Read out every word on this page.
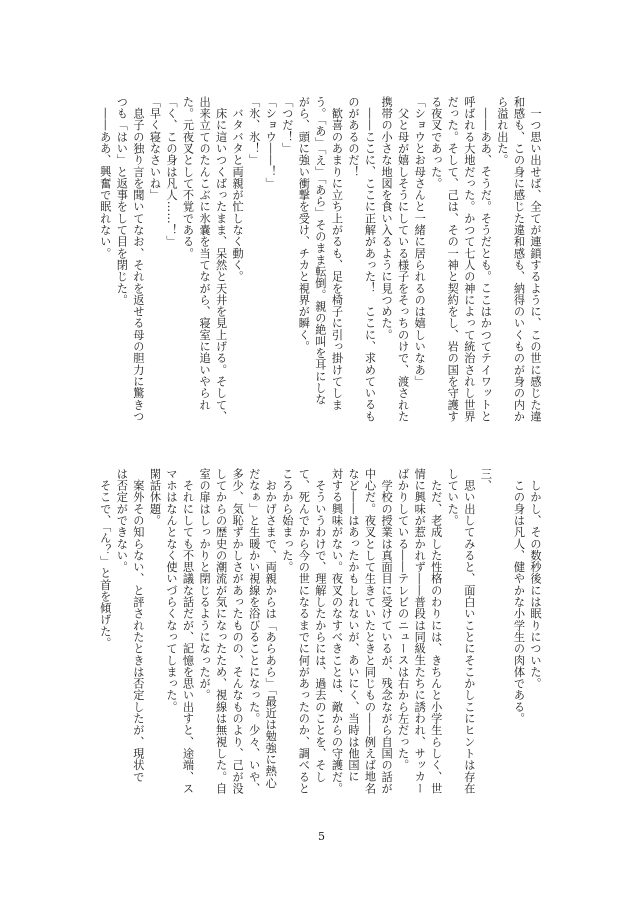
　一つ思い出せば、全てが連鎖するように、この世に感じた違
和感も、この身に感じた違和感も、納得のいくものが身の内か
ら溢れ出た。
　――ああ、そうだ。そうだとも。ここはかつてテイワットと
呼ばれる大地だった。かつて七人の神によって統治されし世界
だった。そして、己は、その一神と契約をし、岩の国を守護す
る夜叉であった。
「ショウとお母さんと一緒に居られるのは嬉しいなあ」
　父と母が嬉しそうにしている様子をそっちのけで、渡された
携帯の小さな地図を食い入るように見つめた。
　――ここに、ここに正解があった！　ここに、求めているも
のがあるのだ！
　歓喜のあまりに立ち上がるも、足を椅子に引っ掛けてしま
う。「あ」「え」「あら」そのまま転倒。親の絶叫を耳にしな
がら、頭に強い衝撃を受け、チカと視界が瞬く。
「つだ！」
「ショウ――！」
「氷、氷！」
　バタバタと両親が忙しなく動く。
　床に這いつくばったまま、呆然と天井を見上げる。そして、
出来立てのたんこぶに氷嚢を当てながら、寝室に追いやられ
た。元夜叉として不覚である。
「く、この身は凡人……！」
「早く寝なさいね」
　息子の独り言を聞いてなお、それを返せる母の胆力に驚きつ
つも「はい」と返事をして目を閉じた。
　――ああ、興奮で眠れない。
　しかし、その数秒後には眠りについた。
　この身は凡人、健やかな小学生の肉体である。

三、
　思い出してみると、面白いことにそこかしこにヒントは存在
していた。
　ただ、老成した性格のわりには、きちんと小学生らしく、世
情に興味が惹かれず――普段は同級生たちに誘われ、サッカー
ばかりしている――テレビのニュースは右から左だった。
　学校の授業は真面目に受けているが、残念ながら自国の話が
中心だ。夜叉として生きていたときと同じもの――例えば地名
など――はあったかもしれないが、あいにく、当時は他国に
対する興味がない。夜叉のなすべきことは、敵からの守護だ。
　そういうわけで、理解したからには、過去のことを、そし
て、死んでから今の世になるまでに何があったのか、調べると
ころから始まった。
　おかげさまで、両親からは「あらあら」「最近は勉強に熱心
だなぁ」と生暖かい視線を浴びることになった。少々、いや、
多少、気恥ずかしさがあったものの、そんなものより、己が没
してからの歴史の潮流が気になったため、視線は無視した。自
室の扉はしっかりと閉じるようになったが。
　それにしても不思議な話だが、記憶を思い出すと、途端、ス
マホはなんとなく使いづらくなってしまった。
閑話休題。
　案外その知らない、と評されたときは否定したが、現状で
は否定ができない。
　そこで、「ん？」と首を傾げた。
5
